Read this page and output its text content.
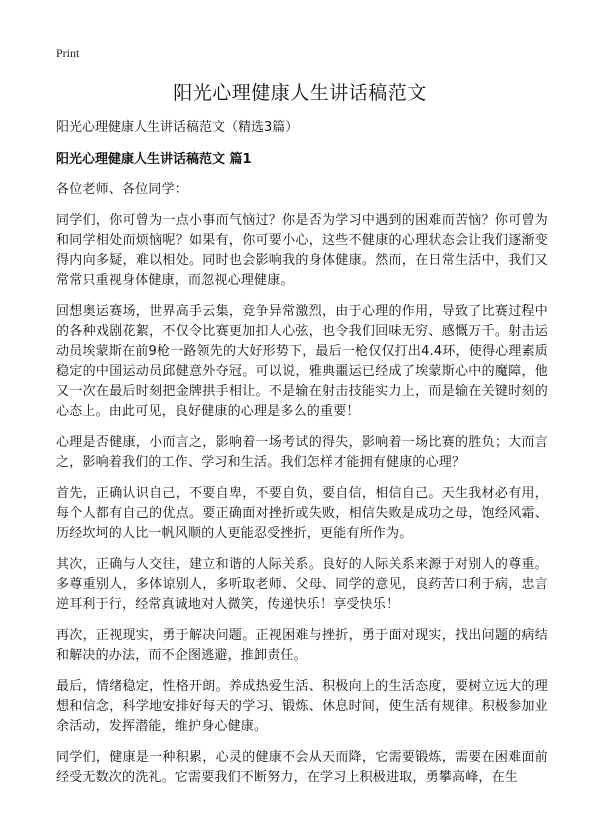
Print
阳光心理健康人生讲话稿范文

阳光心理健康人生讲话稿范文（精选3篇）

阳光心理健康人生讲话稿范文 篇1

各位老师、各位同学：

同学们，你可曾为一点小事而气恼过？你是否为学习中遇到的困难而苦恼？你可曾为和同学相处而烦恼呢？如果有，你可要小心，这些不健康的心理状态会让我们逐渐变得内向多疑，难以相处。同时也会影响我的身体健康。然而，在日常生活中，我们又常常只重视身体健康，而忽视心理健康。

回想奥运赛场，世界高手云集，竞争异常激烈，由于心理的作用，导致了比赛过程中的各种戏剧花絮，不仅令比赛更加扣人心弦，也令我们回味无穷、感慨万千。射击运动员埃蒙斯在前9枪一路领先的大好形势下，最后一枪仅仅打出4.4环，使得心理素质稳定的中国运动员邱健意外夺冠。可以说，雅典噩运已经成了埃蒙斯心中的魔障，他又一次在最后时刻把金牌拱手相让。不是输在射击技能实力上，而是输在关键时刻的心态上。由此可见，良好健康的心理是多么的重要！

心理是否健康，小而言之，影响着一场考试的得失，影响着一场比赛的胜负；大而言之，影响着我们的工作、学习和生活。我们怎样才能拥有健康的心理？

首先，正确认识自己，不要自卑，不要自负，要自信，相信自己。天生我材必有用，每个人都有自己的优点。要正确面对挫折或失败，相信失败是成功之母，饱经风霜、历经坎坷的人比一帆风顺的人更能忍受挫折，更能有所作为。

其次，正确与人交往，建立和谐的人际关系。良好的人际关系来源于对别人的尊重。多尊重别人，多体谅别人，多听取老师、父母、同学的意见，良药苦口利于病，忠言逆耳利于行，经常真诚地对人微笑，传递快乐！享受快乐！

再次，正视现实，勇于解决问题。正视困难与挫折，勇于面对现实，找出问题的病结和解决的办法，而不企图逃避，推卸责任。

最后，情绪稳定，性格开朗。养成热爱生活、积极向上的生活态度，要树立远大的理想和信念，科学地安排好每天的学习、锻炼、休息时间，使生活有规律。积极参加业余活动，发挥潜能，维护身心健康。

同学们，健康是一种积累，心灵的健康不会从天而降，它需要锻炼，需要在困难面前经受无数次的洗礼。它需要我们不断努力，在学习上积极进取，勇攀高峰，在生
